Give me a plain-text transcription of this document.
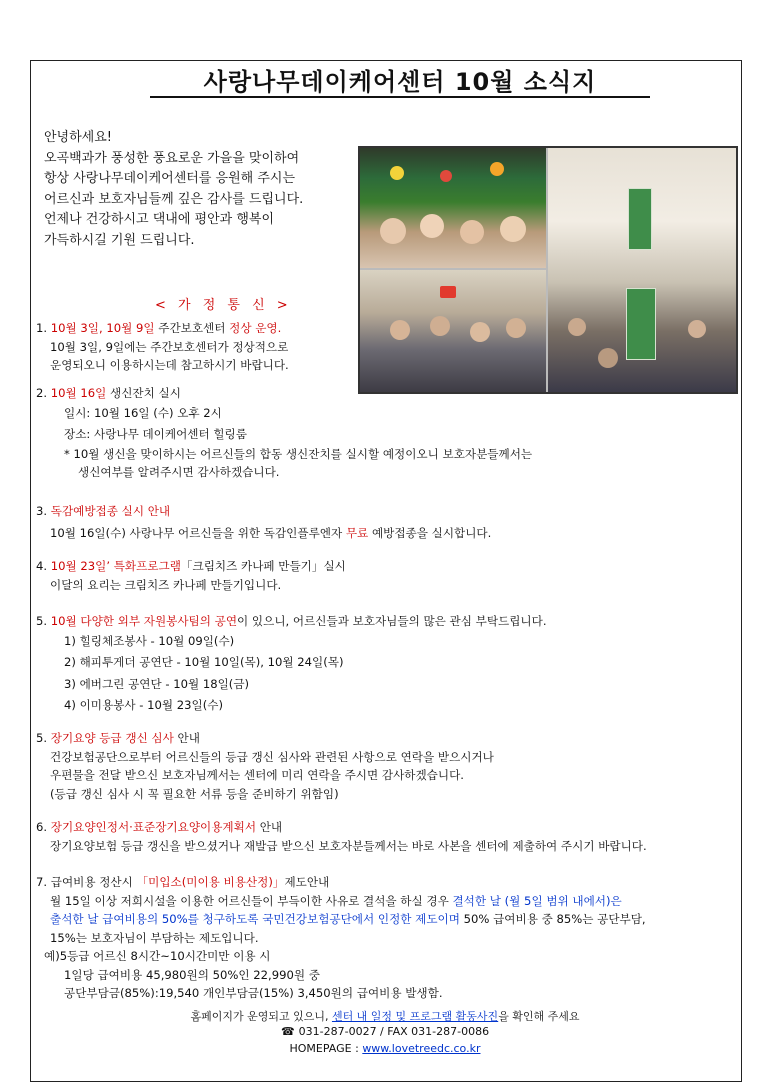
사랑나무데이케어센터 10월 소식지
안녕하세요!
오곡백과가 풍성한 풍요로운 가을을 맞이하여
항상 사랑나무데이케어센터를 응원해 주시는
어르신과 보호자님들께 깊은 감사를 드립니다.
언제나 건강하시고 댁내에 평안과 행복이
가득하시길 기원 드립니다.
< 가 정 통 신 >
1. 10월 3일, 10월 9일 주간보호센터 정상 운영.
10월 3일, 9일에는 주간보호센터가 정상적으로
운영되오니 이용하시는데 참고하시기 바랍니다.
2. 10월 16일 생신잔치 실시
일시: 10월 16일 (수) 오후 2시
장소: 사랑나무 데이케어센터 힐링룸
* 10월 생신을 맞이하시는 어르신들의 합동 생신잔치를 실시할 예정이오니 보호자분들께서는
생신여부를 알려주시면 감사하겠습니다.
3. 독감예방접종 실시 안내
10월 16일(수) 사랑나무 어르신들을 위한 독감인플루엔자 무료 예방접종을 실시합니다.
4. 10월 23일’ 특화프로그램「크림치즈 카나페 만들기」실시
이달의 요리는 크림치즈 카나페 만들기입니다.
5. 10월 다양한 외부 자원봉사팀의 공연이 있으니, 어르신들과 보호자님들의 많은 관심 부탁드립니다.
1) 힐링체조봉사 - 10월 09일(수)
2) 해피투게더 공연단 - 10월 10일(목), 10월 24일(목)
3) 에버그린 공연단 - 10월 18일(금)
4) 이미용봉사 - 10월 23일(수)
5. 장기요양 등급 갱신 심사 안내
건강보험공단으로부터 어르신들의 등급 갱신 심사와 관련된 사항으로 연락을 받으시거나
우편물을 전달 받으신 보호자님께서는 센터에 미리 연락을 주시면 감사하겠습니다.
(등급 갱신 심사 시 꼭 필요한 서류 등을 준비하기 위함임)
6. 장기요양인정서·표준장기요양이용계획서 안내
장기요양보험 등급 갱신을 받으셨거나 재발급 받으신 보호자분들께서는 바로 사본을 센터에 제출하여 주시기 바랍니다.
7. 급여비용 정산시 「미입소(미이용 비용산정)」제도안내
월 15일 이상 저희시설을 이용한 어르신들이 부득이한 사유로 결석을 하실 경우 결석한 날 (월 5일 범위 내에서)은
출석한 날 급여비용의 50%를 청구하도록 국민건강보험공단에서 인정한 제도이며 50% 급여비용 중 85%는 공단부담,
15%는 보호자님이 부담하는 제도입니다.
예)5등급 어르신 8시간~10시간미만 이용 시
1일당 급여비용 45,980원의 50%인 22,990원 중
공단부담금(85%):19,540 개인부담금(15%) 3,450원의 급여비용 발생함.
홈페이지가 운영되고 있으니, 센터 내 일정 및 프로그램 활동사진을 확인해 주세요
☎ 031-287-0027 / FAX 031-287-0086
HOMEPAGE : www.lovetreedc.co.kr
